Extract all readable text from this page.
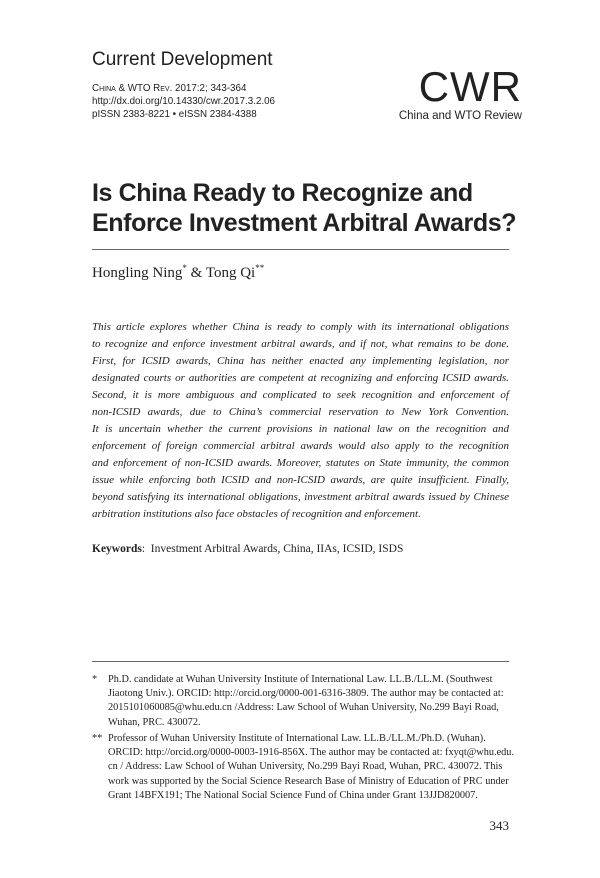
Current Development
China & WTO Rev. 2017:2; 343-364
http://dx.doi.org/10.14330/cwr.2017.3.2.06
pISSN 2383-8221 • eISSN 2384-4388
CWR
China and WTO Review
Is China Ready to Recognize and
Enforce Investment Arbitral Awards?
Hongling Ning* & Tong Qi**
This article explores whether China is ready to comply with its international obligations
to recognize and enforce investment arbitral awards, and if not, what remains to be done.
First, for ICSID awards, China has neither enacted any implementing legislation, nor
designated courts or authorities are competent at recognizing and enforcing ICSID awards.
Second, it is more ambiguous and complicated to seek recognition and enforcement of
non-ICSID awards, due to China’s commercial reservation to New York Convention.
It is uncertain whether the current provisions in national law on the recognition and
enforcement of foreign commercial arbitral awards would also apply to the recognition
and enforcement of non-ICSID awards. Moreover, statutes on State immunity, the common
issue while enforcing both ICSID and non-ICSID awards, are quite insufficient. Finally,
beyond satisfying its international obligations, investment arbitral awards issued by Chinese
arbitration institutions also face obstacles of recognition and enforcement.
Keywords:  Investment Arbitral Awards, China, IIAs, ICSID, ISDS
* Ph.D. candidate at Wuhan University Institute of International Law. LL.B./LL.M. (Southwest
Jiaotong Univ.). ORCID: http://orcid.org/0000-001-6316-3809. The author may be contacted at:
2015101060085@whu.edu.cn /Address: Law School of Wuhan University, No.299 Bayi Road,
Wuhan, PRC. 430072.
** Professor of Wuhan University Institute of International Law. LL.B./LL.M./Ph.D. (Wuhan).
ORCID: http://orcid.org/0000-0003-1916-856X. The author may be contacted at: fxyqt@whu.edu.
cn / Address: Law School of Wuhan University, No.299 Bayi Road, Wuhan, PRC. 430072. This
work was supported by the Social Science Research Base of Ministry of Education of PRC under
Grant 14BFX191; The National Social Science Fund of China under Grant 13JJD820007.
343
